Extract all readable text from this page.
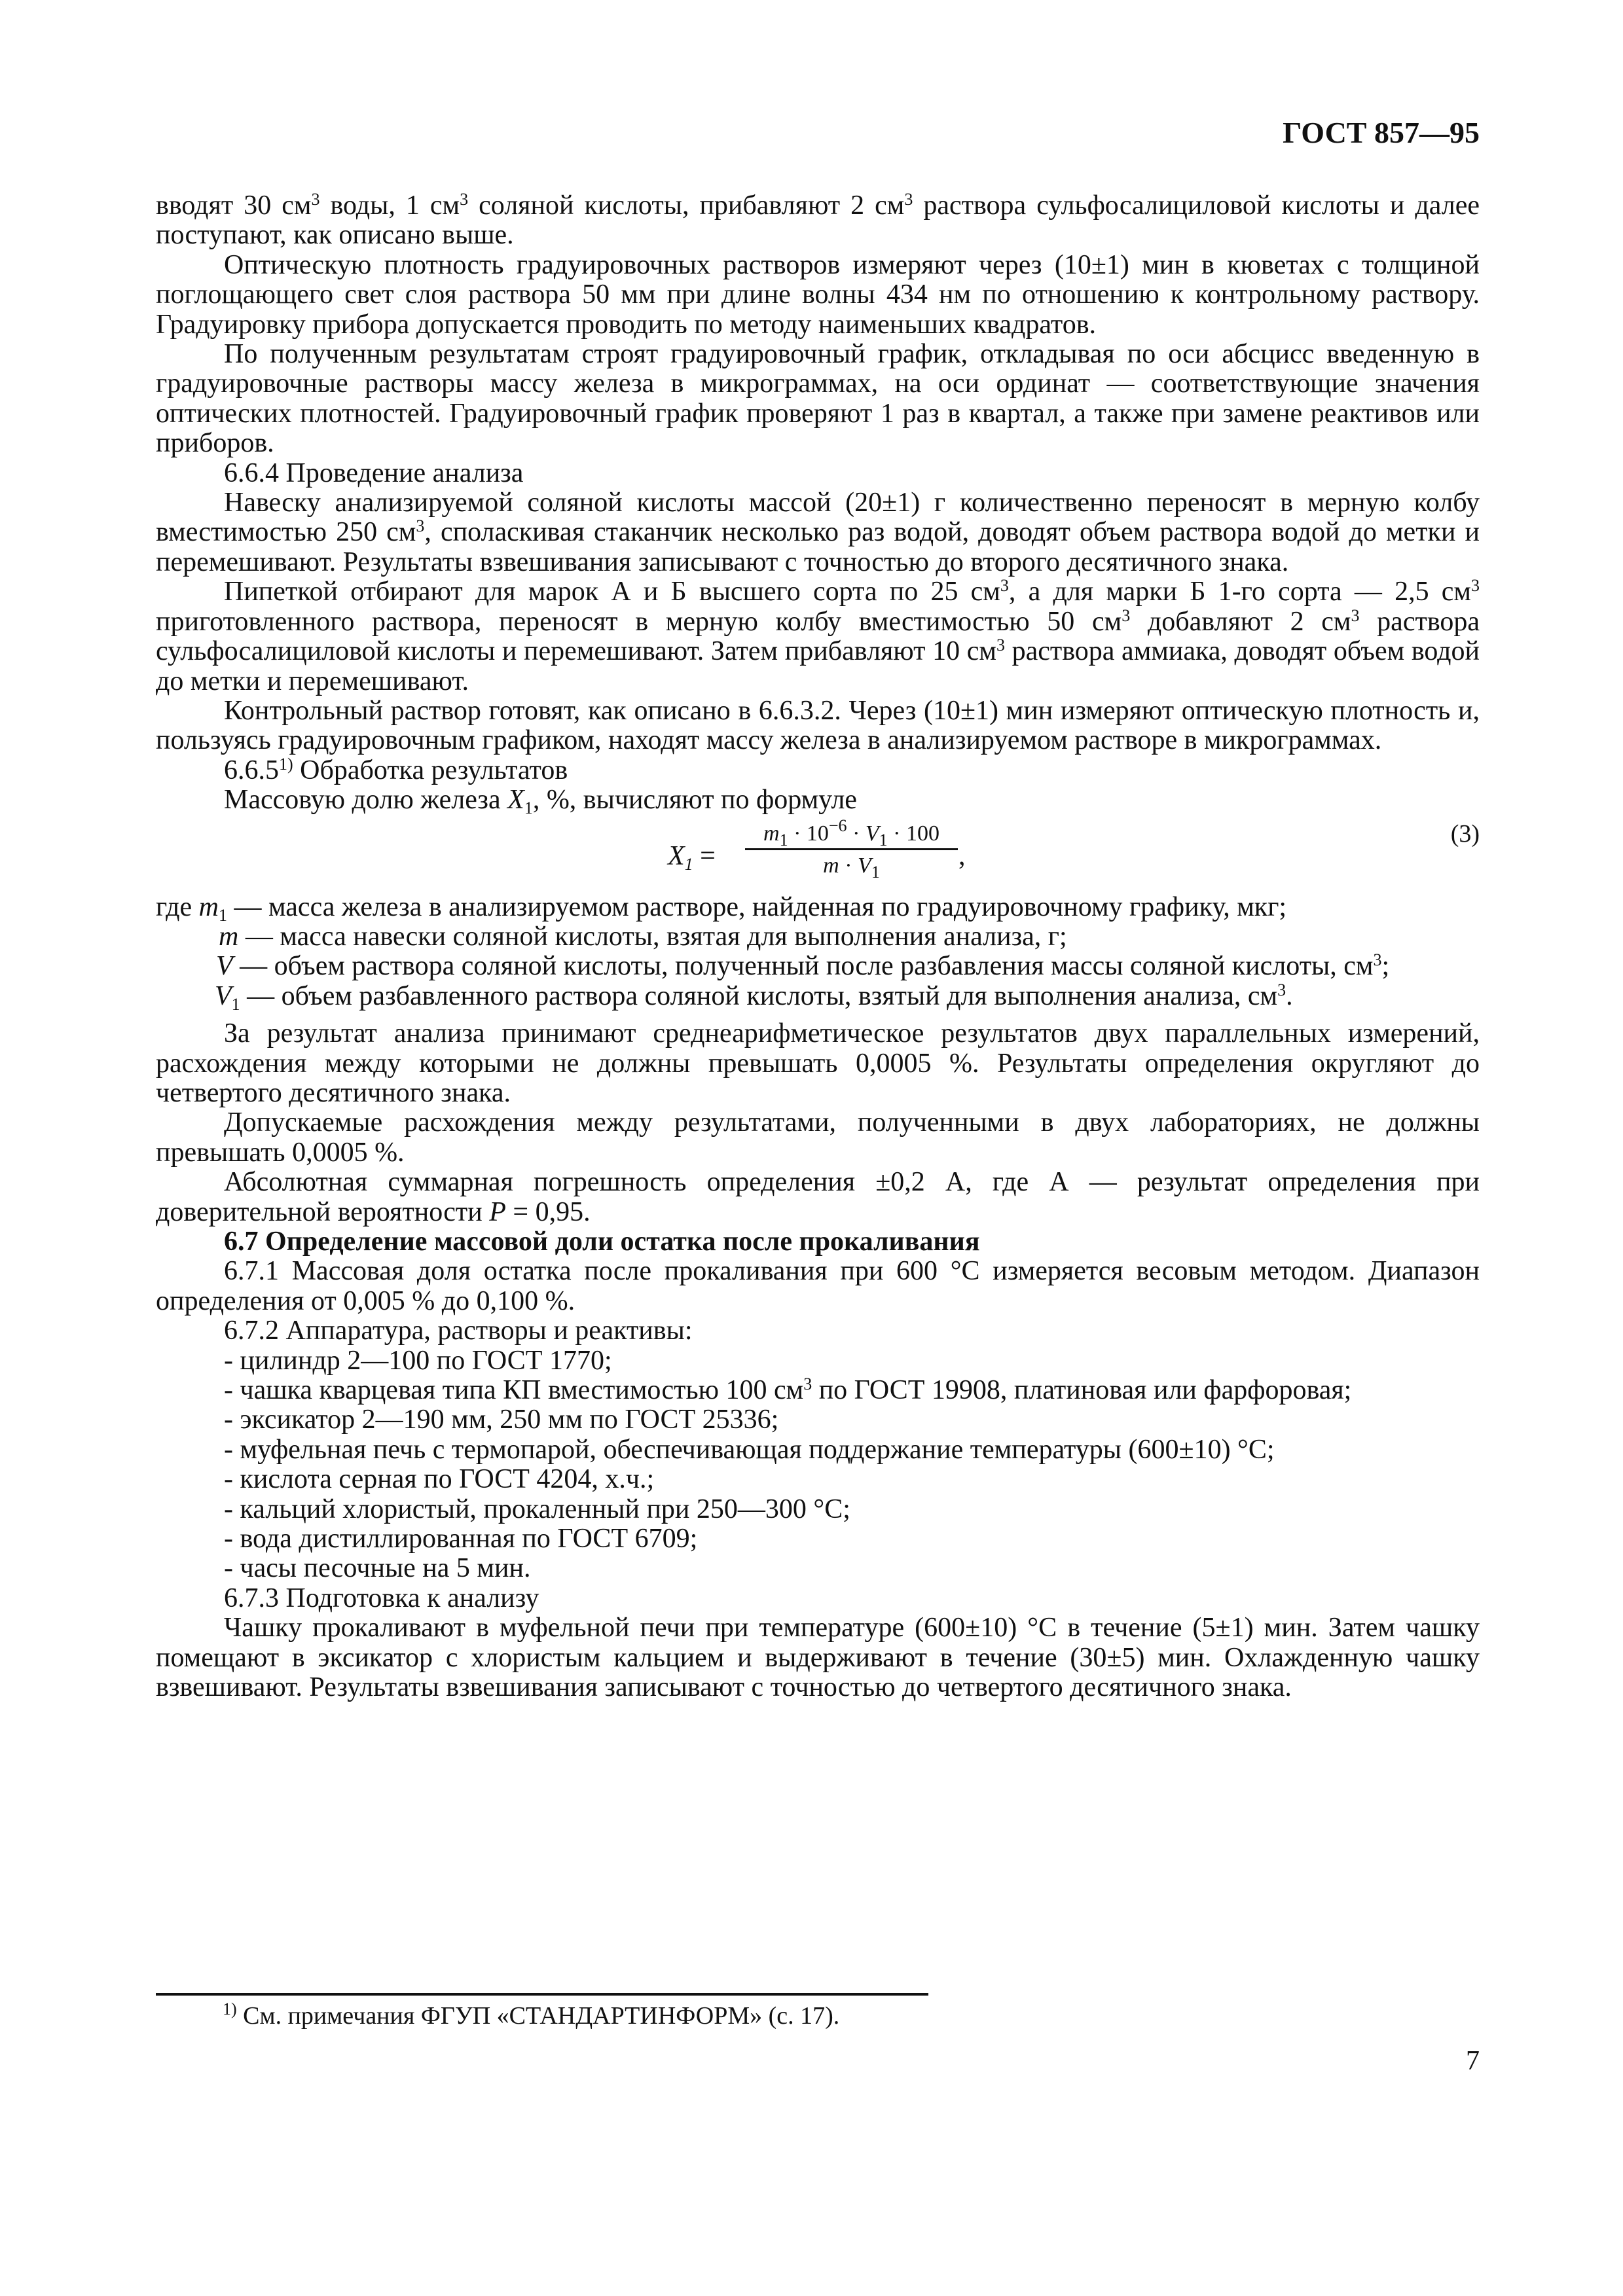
ГОСТ 857—95

вводят 30 $см^3$ воды, 1 $см^3$ соляной кислоты, прибавляют 2 $см^3$ раствора сульфосалициловой кислоты и далее поступают, как описано выше.

Оптическую плотность градуировочных растворов измеряют через (10±1) мин в кюветах с толщиной поглощающего свет слоя раствора 50 мм при длине волны 434 нм по отношению к контрольному раствору. Градуировку прибора допускается проводить по методу наименьших квадратов.

По полученным результатам строят градуировочный график, откладывая по оси абсцисс введенную в градуировочные растворы массу железа в микрограммах, на оси ординат — соответствующие значения оптических плотностей. Градуировочный график проверяют 1 раз в квартал, а также при замене реактивов или приборов.

6.6.4 Проведение анализа

Навеску анализируемой соляной кислоты массой (20±1) г количественно переносят в мерную колбу вместимостью 250 $см^3$, споласкивая стаканчик несколько раз водой, доводят объем раствора водой до метки и перемешивают. Результаты взвешивания записывают с точностью до второго десятичного знака.

Пипеткой отбирают для марок А и Б высшего сорта по 25 $см^3$, а для марки Б 1-го сорта — 2,5 $см^3$ приготовленного раствора, переносят в мерную колбу вместимостью 50 $см^3$ добавляют 2 $см^3$ раствора сульфосалициловой кислоты и перемешивают. Затем прибавляют 10 $см^3$ раствора аммиака, доводят объем водой до метки и перемешивают.

Контрольный раствор готовят, как описано в 6.6.3.2. Через (10±1) мин измеряют оптическую плотность и, пользуясь градуировочным графиком, находят массу железа в анализируемом растворе в микрограммах.

6.6.5$^{1)}$ Обработка результатов

Массовую долю железа $X_1$, %, вычисляют по формуле

$X_1$ =
$m_1 \cdot 10^{-6} \cdot V_1 \cdot 100$
$m \cdot V_1$
,
(3)

где $m_1$ — масса железа в анализируемом растворе, найденная по градуировочному графику, мкг;

m — масса навески соляной кислоты, взятая для выполнения анализа, г;

V — объем раствора соляной кислоты, полученный после разбавления массы соляной кислоты, $см^3$;

$V_1$ — объем разбавленного раствора соляной кислоты, взятый для выполнения анализа, $см^3$.

За результат анализа принимают среднеарифметическое результатов двух параллельных измерений, расхождения между которыми не должны превышать 0,0005 %. Результаты определения округляют до четвертого десятичного знака.

Допускаемые расхождения между результатами, полученными в двух лабораториях, не должны превышать 0,0005 %.

Абсолютная суммарная погрешность определения ±0,2 А, где А — результат определения при доверительной вероятности P = 0,95.

6.7 Определение массовой доли остатка после прокаливания

6.7.1 Массовая доля остатка после прокаливания при 600 °С измеряется весовым методом. Диапазон определения от 0,005 % до 0,100 %.

6.7.2 Аппаратура, растворы и реактивы:

- цилиндр 2—100 по ГОСТ 1770;

- чашка кварцевая типа КП вместимостью 100 $см^3$ по ГОСТ 19908, платиновая или фарфоровая;

- эксикатор 2—190 мм, 250 мм по ГОСТ 25336;

- муфельная печь с термопарой, обеспечивающая поддержание температуры (600±10) °С;

- кислота серная по ГОСТ 4204, х.ч.;

- кальций хлористый, прокаленный при 250—300 °С;

- вода дистиллированная по ГОСТ 6709;

- часы песочные на 5 мин.

6.7.3 Подготовка к анализу

Чашку прокаливают в муфельной печи при температуре (600±10) °С в течение (5±1) мин. Затем чашку помещают в эксикатор с хлористым кальцием и выдерживают в течение (30±5) мин. Охлажденную чашку взвешивают. Результаты взвешивания записывают с точностью до четвертого десятичного знака.

$^{1)}$ См. примечания ФГУП «СТАНДАРТИНФОРМ» (с. 17).
7
